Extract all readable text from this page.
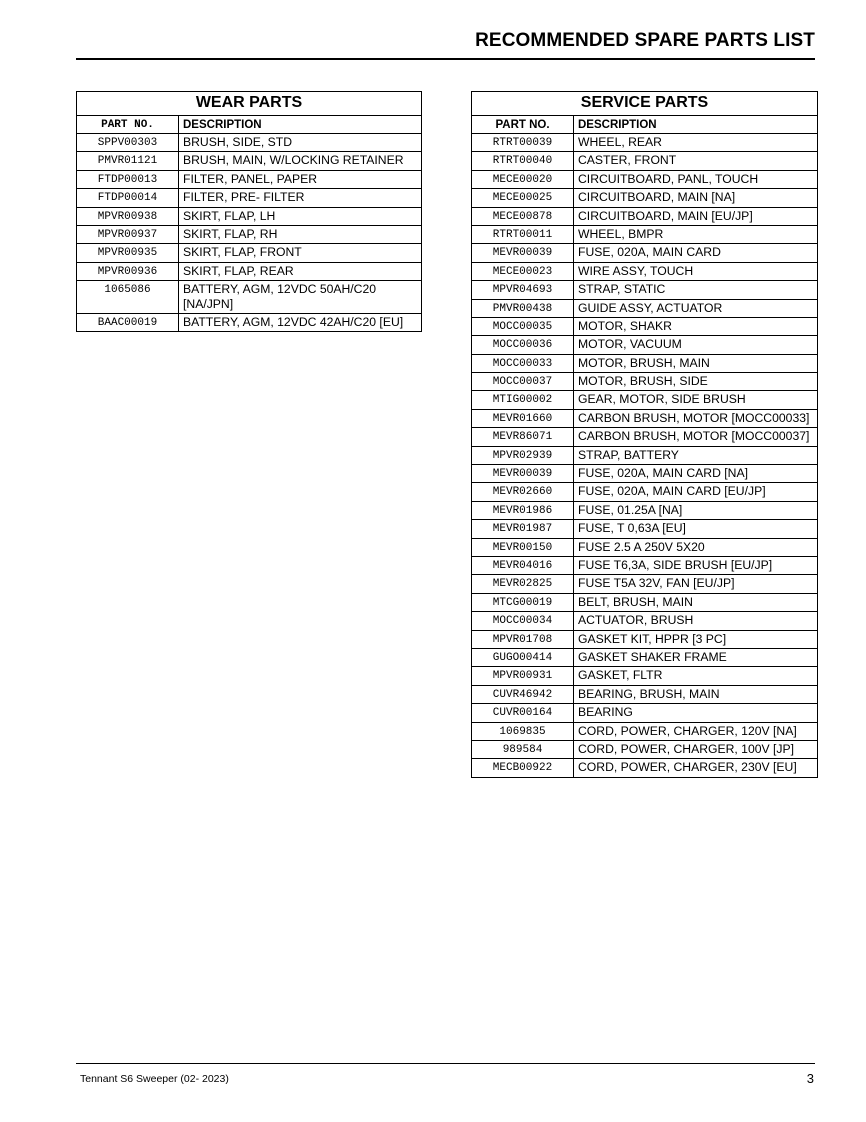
RECOMMENDED SPARE PARTS LIST
WEAR PARTS	
PART NO.	DESCRIPTION
SPPV00303	BRUSH, SIDE, STD
PMVR01121	BRUSH, MAIN, W/LOCKING RETAINER
FTDP00013	FILTER, PANEL, PAPER
FTDP00014	FILTER, PRE- FILTER
MPVR00938	SKIRT, FLAP, LH
MPVR00937	SKIRT, FLAP, RH
MPVR00935	SKIRT, FLAP, FRONT
MPVR00936	SKIRT, FLAP, REAR
1065086	BATTERY, AGM, 12VDC 50AH/C20 [NA/JPN]
BAAC00019	BATTERY, AGM, 12VDC 42AH/C20 [EU]
SERVICE PARTS	
PART NO.	DESCRIPTION
RTRT00039	WHEEL, REAR
RTRT00040	CASTER, FRONT
MECE00020	CIRCUITBOARD, PANL, TOUCH
MECE00025	CIRCUITBOARD, MAIN [NA]
MECE00878	CIRCUITBOARD, MAIN [EU/JP]
RTRT00011	WHEEL, BMPR
MEVR00039	FUSE, 020A, MAIN CARD
MECE00023	WIRE ASSY, TOUCH
MPVR04693	STRAP, STATIC
PMVR00438	GUIDE ASSY, ACTUATOR
MOCC00035	MOTOR, SHAKR
MOCC00036	MOTOR, VACUUM
MOCC00033	MOTOR, BRUSH, MAIN
MOCC00037	MOTOR, BRUSH, SIDE
MTIG00002	GEAR, MOTOR, SIDE BRUSH
MEVR01660	CARBON BRUSH, MOTOR [MOCC00033]
MEVR86071	CARBON BRUSH, MOTOR [MOCC00037]
MPVR02939	STRAP, BATTERY
MEVR00039	FUSE, 020A, MAIN CARD [NA]
MEVR02660	FUSE, 020A, MAIN CARD [EU/JP]
MEVR01986	FUSE, 01.25A [NA]
MEVR01987	FUSE, T 0,63A [EU]
MEVR00150	FUSE 2.5 A 250V 5X20
MEVR04016	FUSE T6,3A, SIDE BRUSH [EU/JP]
MEVR02825	FUSE T5A 32V, FAN [EU/JP]
MTCG00019	BELT, BRUSH, MAIN
MOCC00034	ACTUATOR, BRUSH
MPVR01708	GASKET KIT, HPPR [3 PC]
GUGO00414	GASKET SHAKER FRAME
MPVR00931	GASKET, FLTR
CUVR46942	BEARING, BRUSH, MAIN
CUVR00164	BEARING
1069835	CORD, POWER, CHARGER, 120V [NA]
989584	CORD, POWER, CHARGER, 100V [JP]
MECB00922	CORD, POWER, CHARGER, 230V [EU]
Tennant S6 Sweeper (02- 2023)	3
